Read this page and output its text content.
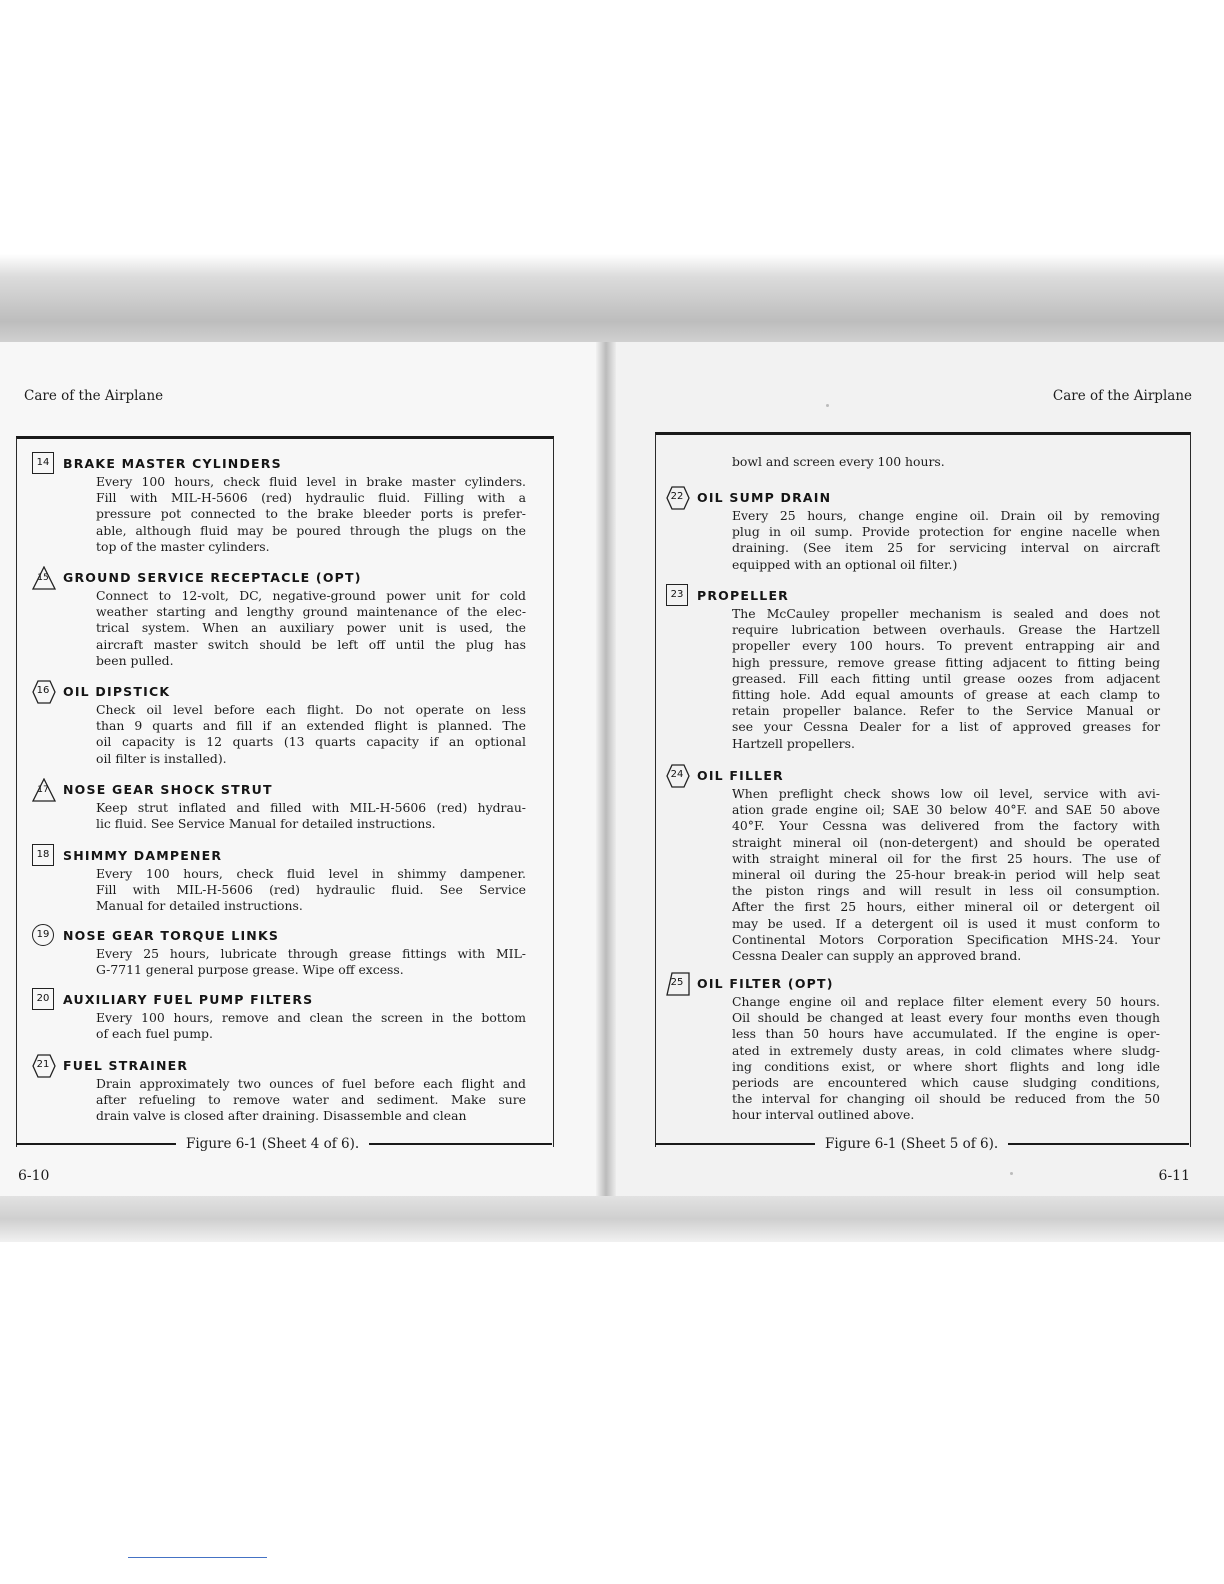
Care of the Airplane
14 BRAKE MASTER CYLINDERS
Every 100 hours, check fluid level in brake master cylinders.
Fill with MIL-H-5606 (red) hydraulic fluid. Filling with a
pressure pot connected to the brake bleeder ports is prefer-
able, although fluid may be poured through the plugs on the
top of the master cylinders.
15	GROUND SERVICE RECEPTACLE (OPT)
Connect to 12-volt, DC, negative-ground power unit for cold
weather starting and lengthy ground maintenance of the elec-
trical system. When an auxiliary power unit is used, the
aircraft master switch should be left off until the plug has
been pulled.
16	OIL DIPSTICK
Check oil level before each flight. Do not operate on less
than 9 quarts and fill if an extended flight is planned. The
oil capacity is 12 quarts (13 quarts capacity if an optional
oil filter is installed).
17	NOSE GEAR SHOCK STRUT
Keep strut inflated and filled with MIL-H-5606 (red) hydrau-
lic fluid. See Service Manual for detailed instructions.
18 SHIMMY DAMPENER
Every 100 hours, check fluid level in shimmy dampener.
Fill with MIL-H-5606 (red) hydraulic fluid. See Service
Manual for detailed instructions.
19 NOSE GEAR TORQUE LINKS
Every 25 hours, lubricate through grease fittings with MIL-
G-7711 general purpose grease. Wipe off excess.
20 AUXILIARY FUEL PUMP FILTERS
Every 100 hours, remove and clean the screen in the bottom
of each fuel pump.
21	FUEL STRAINER
Drain approximately two ounces of fuel before each flight and
after refueling to remove water and sediment. Make sure
drain valve is closed after draining. Disassemble and clean
Figure 6-1 (Sheet 4 of 6).
6-10
Care of the Airplane
bowl and screen every 100 hours.
22	OIL SUMP DRAIN
Every 25 hours, change engine oil. Drain oil by removing
plug in oil sump. Provide protection for engine nacelle when
draining. (See item 25 for servicing interval on aircraft
equipped with an optional oil filter.)
23 PROPELLER
The McCauley propeller mechanism is sealed and does not
require lubrication between overhauls. Grease the Hartzell
propeller every 100 hours. To prevent entrapping air and
high pressure, remove grease fitting adjacent to fitting being
greased. Fill each fitting until grease oozes from adjacent
fitting hole. Add equal amounts of grease at each clamp to
retain propeller balance. Refer to the Service Manual or
see your Cessna Dealer for a list of approved greases for
Hartzell propellers.
24	OIL FILLER
When preflight check shows low oil level, service with avi-
ation grade engine oil; SAE 30 below 40°F. and SAE 50 above
40°F. Your Cessna was delivered from the factory with
straight mineral oil (non-detergent) and should be operated
with straight mineral oil for the first 25 hours. The use of
mineral oil during the 25-hour break-in period will help seat
the piston rings and will result in less oil consumption.
After the first 25 hours, either mineral oil or detergent oil
may be used. If a detergent oil is used it must conform to
Continental Motors Corporation Specification MHS-24. Your
Cessna Dealer can supply an approved brand.
25	OIL FILTER (OPT)
Change engine oil and replace filter element every 50 hours.
Oil should be changed at least every four months even though
less than 50 hours have accumulated. If the engine is oper-
ated in extremely dusty areas, in cold climates where sludg-
ing conditions exist, or where short flights and long idle
periods are encountered which cause sludging conditions,
the interval for changing oil should be reduced from the 50
hour interval outlined above.
Figure 6-1 (Sheet 5 of 6).
6-11
